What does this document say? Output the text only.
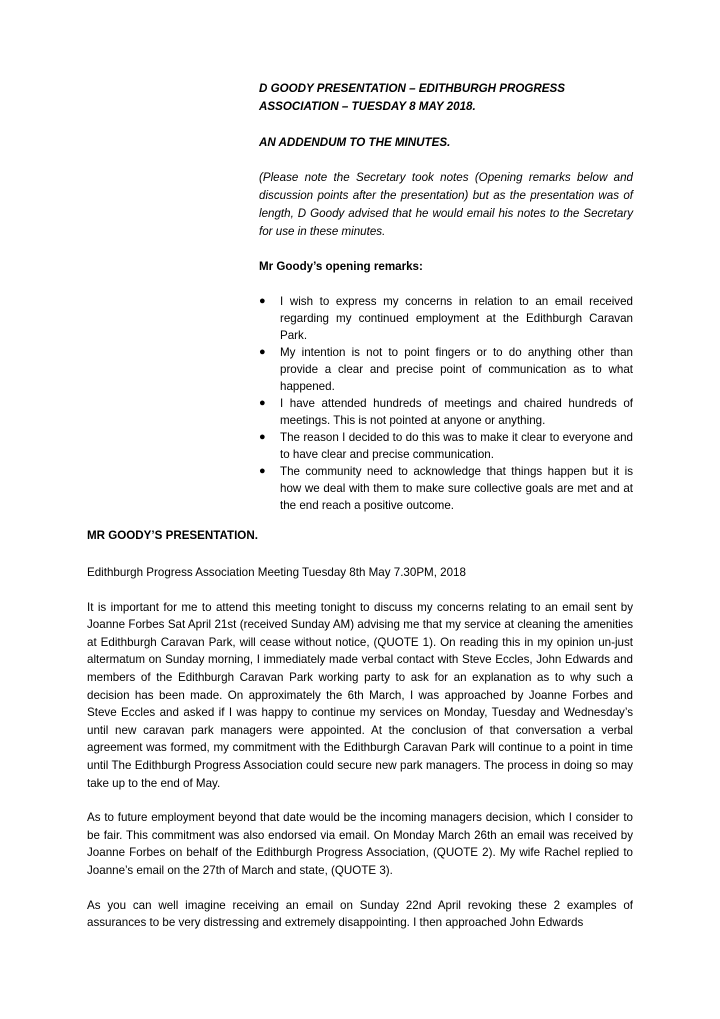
D GOODY PRESENTATION – EDITHBURGH PROGRESS ASSOCIATION – TUESDAY 8 MAY 2018.

AN ADDENDUM TO THE MINUTES.

(Please note the Secretary took notes (Opening remarks below and discussion points after the presentation) but as the presentation was of length, D Goody advised that he would email his notes to the Secretary for use in these minutes.

Mr Goody’s opening remarks:

● I wish to express my concerns in relation to an email received regarding my continued employment at the Edithburgh Caravan Park.
● My intention is not to point fingers or to do anything other than provide a clear and precise point of communication as to what happened.
● I have attended hundreds of meetings and chaired hundreds of meetings. This is not pointed at anyone or anything.
● The reason I decided to do this was to make it clear to everyone and to have clear and precise communication.
● The community need to acknowledge that things happen but it is how we deal with them to make sure collective goals are met and at the end reach a positive outcome.

MR GOODY’S PRESENTATION.

Edithburgh Progress Association Meeting Tuesday 8th May 7.30PM, 2018

It is important for me to attend this meeting tonight to discuss my concerns relating to an email sent by Joanne Forbes Sat April 21st (received Sunday AM) advising me that my service at cleaning the amenities at Edithburgh Caravan Park, will cease without notice, (QUOTE 1). On reading this in my opinion un-just altermatum on Sunday morning, I immediately made verbal contact with Steve Eccles, John Edwards and members of the Edithburgh Caravan Park working party to ask for an explanation as to why such a decision has been made. On approximately the 6th March, I was approached by Joanne Forbes and Steve Eccles and asked if I was happy to continue my services on Monday, Tuesday and Wednesday’s until new caravan park managers were appointed. At the conclusion of that conversation a verbal agreement was formed, my commitment with the Edithburgh Caravan Park will continue to a point in time until The Edithburgh Progress Association could secure new park managers. The process in doing so may take up to the end of May.

As to future employment beyond that date would be the incoming managers decision, which I consider to be fair. This commitment was also endorsed via email. On Monday March 26th an email was received by Joanne Forbes on behalf of the Edithburgh Progress Association, (QUOTE 2). My wife Rachel replied to Joanne’s email on the 27th of March and state, (QUOTE 3).

As you can well imagine receiving an email on Sunday 22nd April revoking these 2 examples of assurances to be very distressing and extremely disappointing. I then approached John Edwards
